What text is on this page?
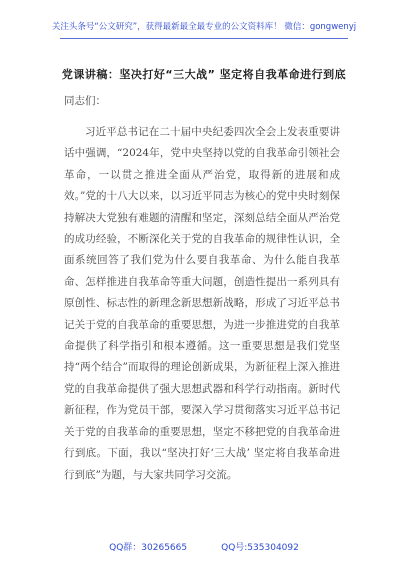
关注头条号“公文研究”，获得最新最全最专业的公文资料库！ 微信：gongwenyj
党课讲稿：坚决打好“三大战” 坚定将自我革命进行到底
同志们：
习近平总书记在二十届中央纪委四次全会上发表重要讲话中强调，“2024年，党中央坚持以党的自我革命引领社会革命，一以贯之推进全面从严治党，取得新的进展和成效。”党的十八大以来，以习近平同志为核心的党中央时刻保持解决大党独有难题的清醒和坚定，深刻总结全面从严治党的成功经验，不断深化关于党的自我革命的规律性认识，全面系统回答了我们党为什么要自我革命、为什么能自我革命、怎样推进自我革命等重大问题，创造性提出一系列具有原创性、标志性的新理念新思想新战略，形成了习近平总书记关于党的自我革命的重要思想，为进一步推进党的自我革命提供了科学指引和根本遵循。这一重要思想是我们党坚持“两个结合”而取得的理论创新成果，为新征程上深入推进党的自我革命提供了强大思想武器和科学行动指南。新时代新征程，作为党员干部，要深入学习贯彻落实习近平总书记关于党的自我革命的重要思想，坚定不移把党的自我革命进行到底。下面，我以“坚决打好‘三大战’ 坚定将自我革命进行到底”为题，与大家共同学习交流。
QQ群：30265665	QQ号:535304092
